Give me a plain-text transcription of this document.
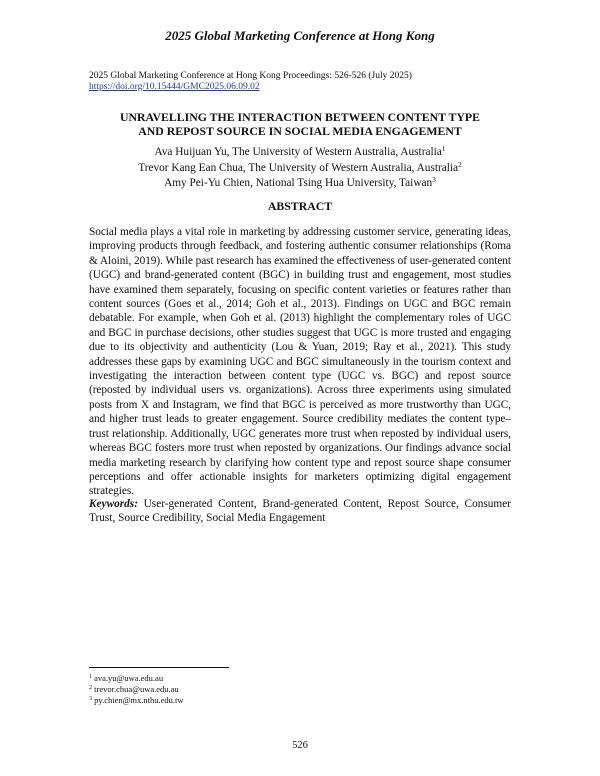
2025 Global Marketing Conference at Hong Kong
2025 Global Marketing Conference at Hong Kong Proceedings: 526-526 (July 2025)
https://doi.org/10.15444/GMC2025.06.09.02
UNRAVELLING THE INTERACTION BETWEEN CONTENT TYPE
AND REPOST SOURCE IN SOCIAL MEDIA ENGAGEMENT
Ava Huijuan Yu, The University of Western Australia, Australia$^1$
Trevor Kang Ean Chua, The University of Western Australia, Australia$^2$
Amy Pei-Yu Chien, National Tsing Hua University, Taiwan$^3$
ABSTRACT
Social media plays a vital role in marketing by addressing customer service, generating ideas, improving products through feedback, and fostering authentic consumer relationships (Roma & Aloini, 2019). While past research has examined the effectiveness of user-generated content (UGC) and brand-generated content (BGC) in building trust and engagement, most studies have examined them separately, focusing on specific content varieties or features rather than content sources (Goes et al., 2014; Goh et al., 2013). Findings on UGC and BGC remain debatable. For example, when Goh et al. (2013) highlight the complementary roles of UGC and BGC in purchase decisions, other studies suggest that UGC is more trusted and engaging due to its objectivity and authenticity (Lou & Yuan, 2019; Ray et al., 2021). This study addresses these gaps by examining UGC and BGC simultaneously in the tourism context and investigating the interaction between content type (UGC vs. BGC) and repost source (reposted by individual users vs. organizations). Across three experiments using simulated posts from X and Instagram, we find that BGC is perceived as more trustworthy than UGC, and higher trust leads to greater engagement. Source credibility mediates the content type–trust relationship. Additionally, UGC generates more trust when reposted by individual users, whereas BGC fosters more trust when reposted by organizations. Our findings advance social media marketing research by clarifying how content type and repost source shape consumer perceptions and offer actionable insights for marketers optimizing digital engagement strategies.
Keywords: User-generated Content, Brand-generated Content, Repost Source, Consumer Trust, Source Credibility, Social Media Engagement
$^1$ ava.yu@uwa.edu.au
$^2$ trevor.chua@uwa.edu.au
$^3$ py.chien@mx.nthu.edu.tw
526
